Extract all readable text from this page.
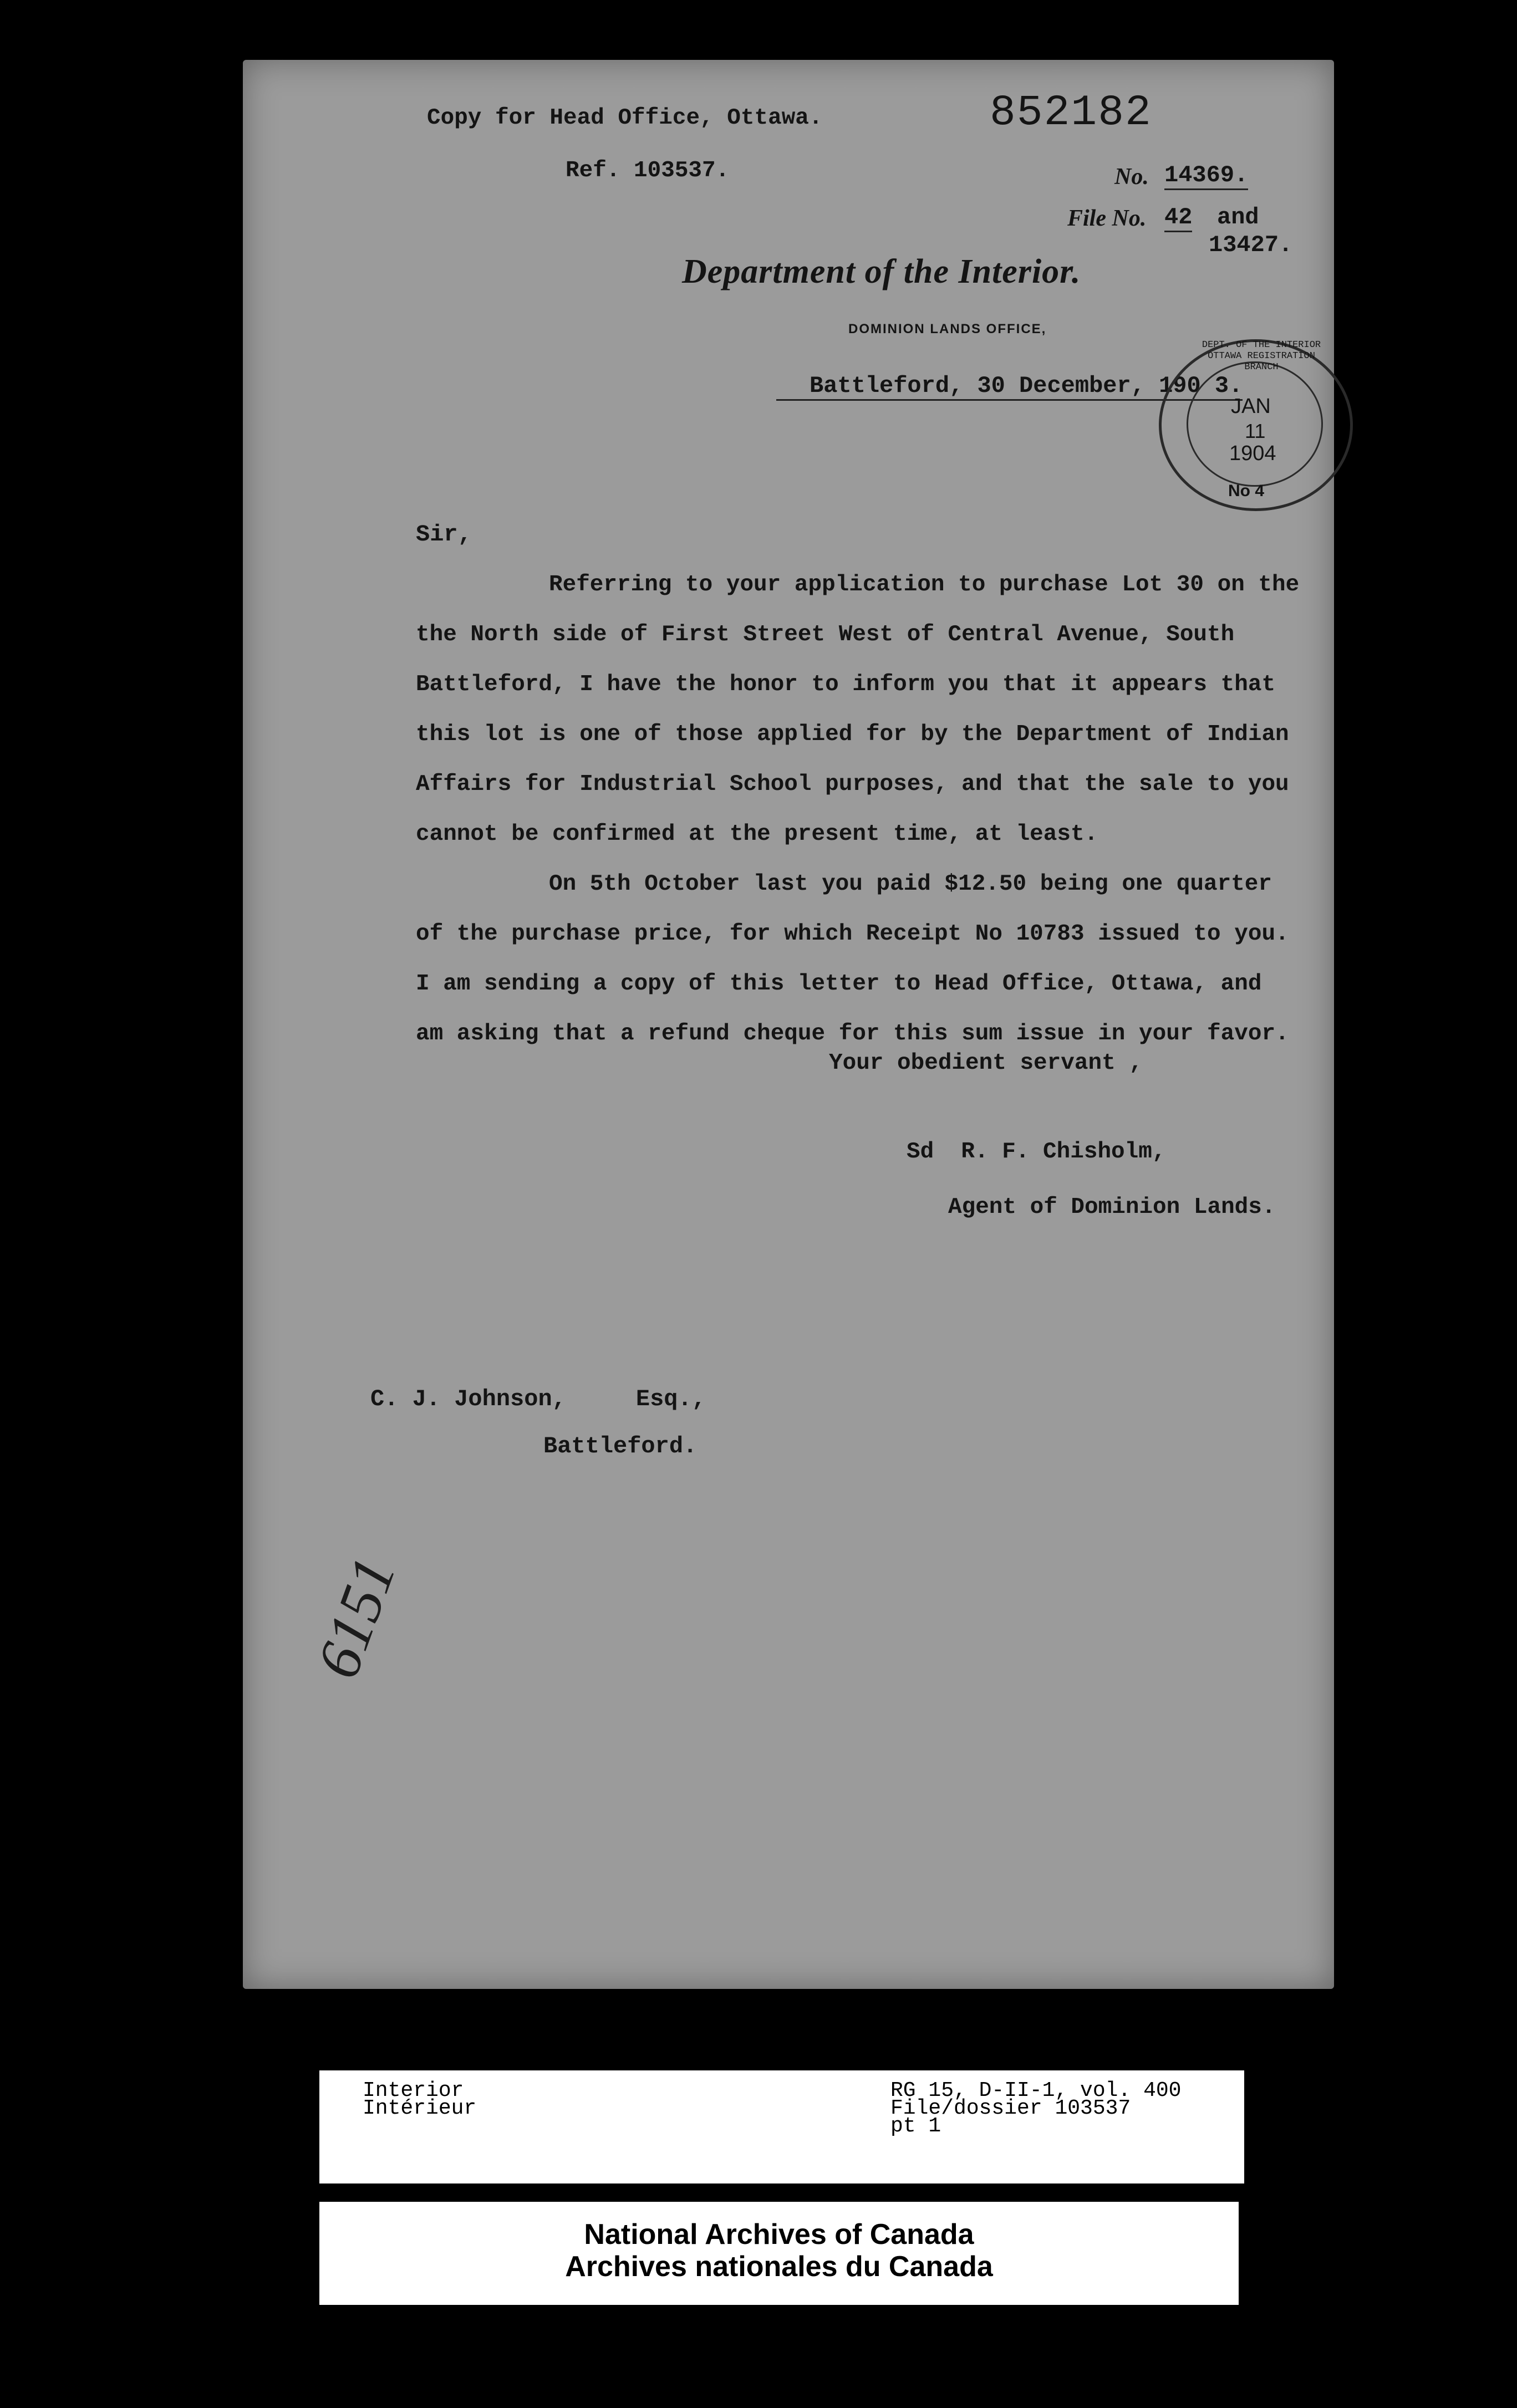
Copy for Head Office, Ottawa.
Ref. 103537.
852182
No. 14369.
File No. 42 and
13427.
Department of the Interior.
DOMINION LANDS OFFICE,
Battleford, 30 December, 190 3.
DEPT. OF THE INTERIOR OTTAWA REGISTRATION BRANCH
JAN
11
1904
No 4
Sir,

Referring to your application to purchase Lot 30 on the

the North side of First Street West of Central Avenue, South

Battleford, I have the honor to inform you that it appears that

this lot is one of those applied for by the Department of Indian

Affairs for Industrial School purposes, and that the sale to you

cannot be confirmed at the present time, at least.

On 5th October last you paid $12.50 being one quarter

of the purchase price, for which Receipt No 10783 issued to you.

I am sending a copy of this letter to Head Office, Ottawa, and

am asking that a refund cheque for this sum issue in your favor.

Your obedient servant ,
Sd  R. F. Chisholm,
Agent of Dominion Lands.
C. J. Johnson,     Esq.,
Battleford.
6151
Interior
Intérieur
RG 15, D-II-1, vol. 400
File/dossier 103537
pt 1
National Archives of Canada
Archives nationales du Canada
